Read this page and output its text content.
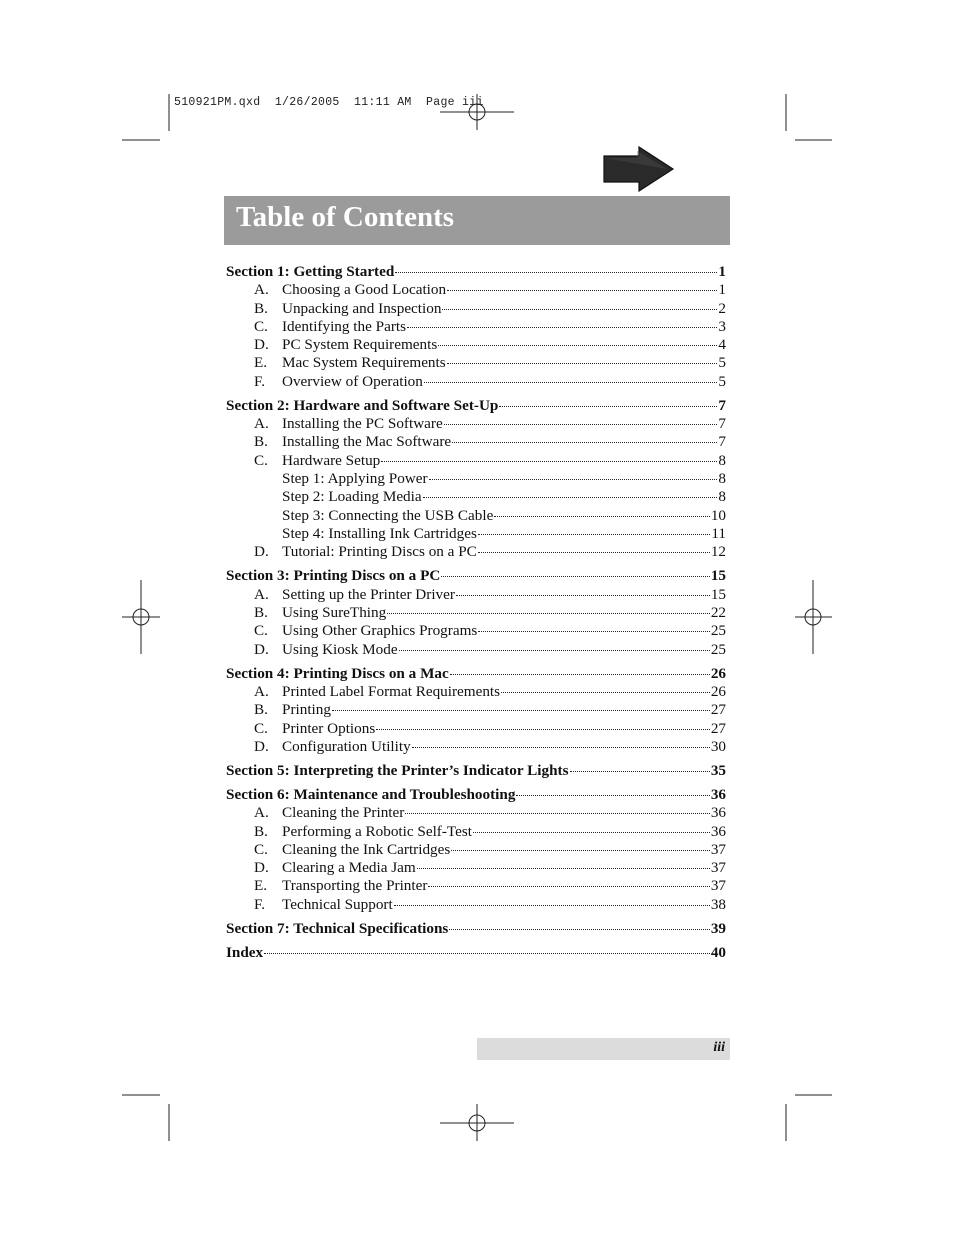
510921PM.qxd  1/26/2005  11:11 AM  Page iii
Table of Contents
Section 1: Getting Started	1
A. Choosing a Good Location	1
B. Unpacking and Inspection	2
C. Identifying the Parts	3
D. PC System Requirements	4
E. Mac System Requirements	5
F.	Overview of Operation	5
Section 2: Hardware and Software Set-Up	7
A. Installing the PC Software	7
B. Installing the Mac Software	7
C. Hardware Setup	8
Step 1: Applying Power	8
Step 2: Loading Media	8
Step 3: Connecting the USB Cable	10
Step 4: Installing Ink Cartridges	11
D. Tutorial: Printing Discs on a PC	12
Section 3: Printing Discs on a PC	15
A. Setting up the Printer Driver	15
B. Using SureThing	22
C. Using Other Graphics Programs	25
D. Using Kiosk Mode	25
Section 4: Printing Discs on a Mac	26
A. Printed Label Format Requirements	26
B. Printing	27
C. Printer Options	27
D. Configuration Utility	30
Section 5: Interpreting the Printer’s Indicator Lights	35
Section 6: Maintenance and Troubleshooting	36
A. Cleaning the Printer	36
B. Performing a Robotic Self-Test	36
C. Cleaning the Ink Cartridges	37
D. Clearing a Media Jam	37
E. Transporting the Printer	37
F.	Technical Support	38
Section 7: Technical Specifications	39
Index	40
iii
